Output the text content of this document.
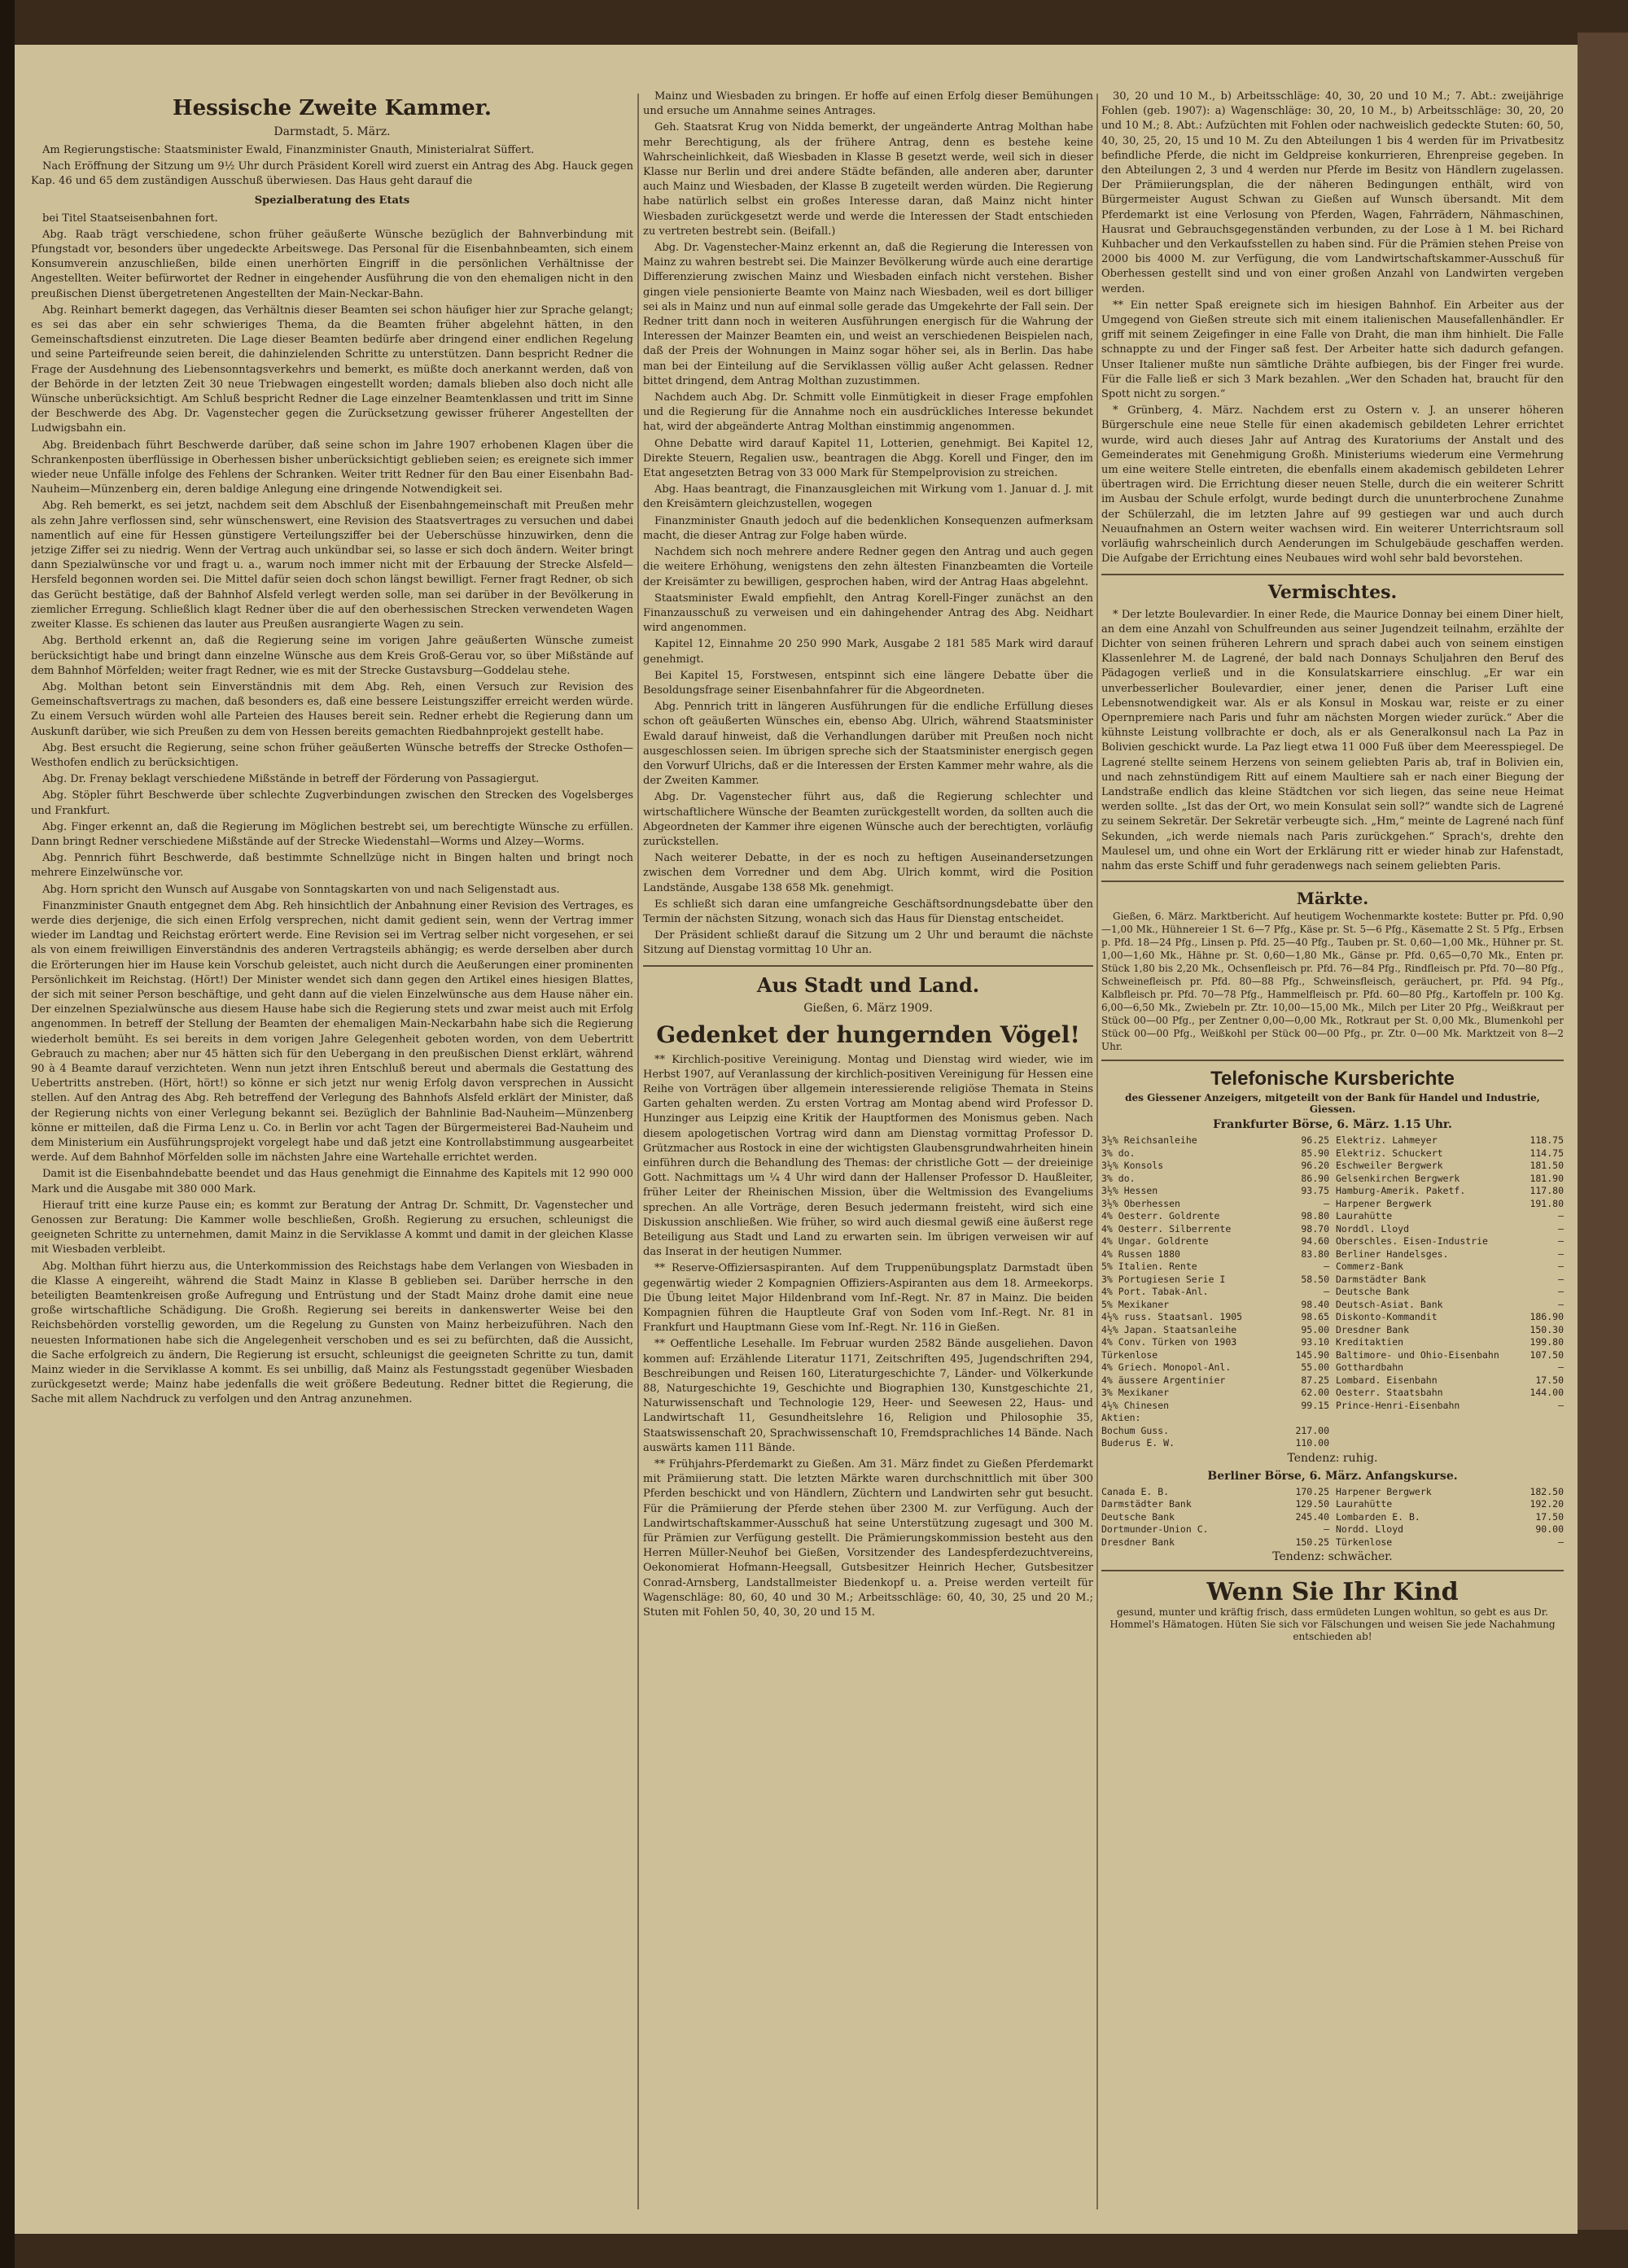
Hessische Zweite Kammer.
Darmstadt, 5. März.

Am Regierungstische: Staatsminister Ewald, Finanzminister Gnauth, Ministerialrat Süffert.

Nach Eröffnung der Sitzung um 9½ Uhr durch Präsident Korell wird zuerst ein Antrag des Abg. Hauck gegen Kap. 46 und 65 dem zuständigen Ausschuß überwiesen. Das Haus geht darauf die

Spezialberatung des Etats

bei Titel Staatseisenbahnen fort.

Abg. Raab trägt verschiedene, schon früher geäußerte Wünsche bezüglich der Bahnverbindung mit Pfungstadt vor, besonders über ungedeckte Arbeitswege. Das Personal für die Eisenbahnbeamten, sich einem Konsumverein anzuschließen, bilde einen unerhörten Eingriff in die persönlichen Verhältnisse der Angestellten. Weiter befürwortet der Redner in eingehender Ausführung die von den ehemaligen nicht in den preußischen Dienst übergetretenen Angestellten der Main-Neckar-Bahn.

Abg. Reinhart bemerkt dagegen, das Verhältnis dieser Beamten sei schon häufiger hier zur Sprache gelangt; es sei das aber ein sehr schwieriges Thema, da die Beamten früher abgelehnt hätten, in den Gemeinschaftsdienst einzutreten. Die Lage dieser Beamten bedürfe aber dringend einer endlichen Regelung und seine Parteifreunde seien bereit, die dahinzielenden Schritte zu unterstützen. Dann bespricht Redner die Frage der Ausdehnung des Liebensonntagsverkehrs und bemerkt, es müßte doch anerkannt werden, daß von der Behörde in der letzten Zeit 30 neue Triebwagen eingestellt worden; damals blieben also doch nicht alle Wünsche unberücksichtigt. Am Schluß bespricht Redner die Lage einzelner Beamtenklassen und tritt im Sinne der Beschwerde des Abg. Dr. Vagenstecher gegen die Zurücksetzung gewisser früherer Angestellten der Ludwigsbahn ein.

Abg. Breidenbach führt Beschwerde darüber, daß seine schon im Jahre 1907 erhobenen Klagen über die Schrankenposten überflüssige in Oberhessen bisher unberücksichtigt geblieben seien; es ereignete sich immer wieder neue Unfälle infolge des Fehlens der Schranken. Weiter tritt Redner für den Bau einer Eisenbahn Bad-Nauheim—Münzenberg ein, deren baldige Anlegung eine dringende Notwendigkeit sei.

Abg. Reh bemerkt, es sei jetzt, nachdem seit dem Abschluß der Eisenbahngemeinschaft mit Preußen mehr als zehn Jahre verflossen sind, sehr wünschenswert, eine Revision des Staatsvertrages zu versuchen und dabei namentlich auf eine für Hessen günstigere Verteilungsziffer bei der Ueberschüsse hinzuwirken, denn die jetzige Ziffer sei zu niedrig. Wenn der Vertrag auch unkündbar sei, so lasse er sich doch ändern. Weiter bringt dann Spezialwünsche vor und fragt u. a., warum noch immer nicht mit der Erbauung der Strecke Alsfeld—Hersfeld begonnen worden sei. Die Mittel dafür seien doch schon längst bewilligt. Ferner fragt Redner, ob sich das Gerücht bestätige, daß der Bahnhof Alsfeld verlegt werden solle, man sei darüber in der Bevölkerung in ziemlicher Erregung. Schließlich klagt Redner über die auf den oberhessischen Strecken verwendeten Wagen zweiter Klasse. Es schienen das lauter aus Preußen ausrangierte Wagen zu sein.

Abg. Berthold erkennt an, daß die Regierung seine im vorigen Jahre geäußerten Wünsche zumeist berücksichtigt habe und bringt dann einzelne Wünsche aus dem Kreis Groß-Gerau vor, so über Mißstände auf dem Bahnhof Mörfelden; weiter fragt Redner, wie es mit der Strecke Gustavsburg—Goddelau stehe.

Abg. Molthan betont sein Einverständnis mit dem Abg. Reh, einen Versuch zur Revision des Gemeinschaftsvertrags zu machen, daß besonders es, daß eine bessere Leistungsziffer erreicht werden würde. Zu einem Versuch würden wohl alle Parteien des Hauses bereit sein. Redner erhebt die Regierung dann um Auskunft darüber, wie sich Preußen zu dem von Hessen bereits gemachten Riedbahnprojekt gestellt habe.

Abg. Best ersucht die Regierung, seine schon früher geäußerten Wünsche betreffs der Strecke Osthofen—Westhofen endlich zu berücksichtigen.

Abg. Dr. Frenay beklagt verschiedene Mißstände in betreff der Förderung von Passagiergut.

Abg. Stöpler führt Beschwerde über schlechte Zugverbindungen zwischen den Strecken des Vogelsberges und Frankfurt.

Abg. Finger erkennt an, daß die Regierung im Möglichen bestrebt sei, um berechtigte Wünsche zu erfüllen. Dann bringt Redner verschiedene Mißstände auf der Strecke Wiedenstahl—Worms und Alzey—Worms.

Abg. Pennrich führt Beschwerde, daß bestimmte Schnellzüge nicht in Bingen halten und bringt noch mehrere Einzelwünsche vor.

Abg. Horn spricht den Wunsch auf Ausgabe von Sonntagskarten von und nach Seligenstadt aus.

Finanzminister Gnauth entgegnet dem Abg. Reh hinsichtlich der Anbahnung einer Revision des Vertrages, es werde dies derjenige, die sich einen Erfolg versprechen, nicht damit gedient sein, wenn der Vertrag immer wieder im Landtag und Reichstag erörtert werde. Eine Revision sei im Vertrag selber nicht vorgesehen, er sei als von einem freiwilligen Einverständnis des anderen Vertragsteils abhängig; es werde derselben aber durch die Erörterungen hier im Hause kein Vorschub geleistet, auch nicht durch die Aeußerungen einer prominenten Persönlichkeit im Reichstag. (Hört!) Der Minister wendet sich dann gegen den Artikel eines hiesigen Blattes, der sich mit seiner Person beschäftige, und geht dann auf die vielen Einzelwünsche aus dem Hause näher ein. Der einzelnen Spezialwünsche aus diesem Hause habe sich die Regierung stets und zwar meist auch mit Erfolg angenommen. In betreff der Stellung der Beamten der ehemaligen Main-Neckarbahn habe sich die Regierung wiederholt bemüht. Es sei bereits in dem vorigen Jahre Gelegenheit geboten worden, von dem Uebertritt Gebrauch zu machen; aber nur 45 hätten sich für den Uebergang in den preußischen Dienst erklärt, während 90 à 4 Beamte darauf verzichteten. Wenn nun jetzt ihren Entschluß bereut und abermals die Gestattung des Uebertritts anstreben. (Hört, hört!) so könne er sich jetzt nur wenig Erfolg davon versprechen in Aussicht stellen. Auf den Antrag des Abg. Reh betreffend der Verlegung des Bahnhofs Alsfeld erklärt der Minister, daß der Regierung nichts von einer Verlegung bekannt sei. Bezüglich der Bahnlinie Bad-Nauheim—Münzenberg könne er mitteilen, daß die Firma Lenz u. Co. in Berlin vor acht Tagen der Bürgermeisterei Bad-Nauheim und dem Ministerium ein Ausführungsprojekt vorgelegt habe und daß jetzt eine Kontrollabstimmung ausgearbeitet werde. Auf dem Bahnhof Mörfelden solle im nächsten Jahre eine Wartehalle errichtet werden.

Damit ist die Eisenbahndebatte beendet und das Haus genehmigt die Einnahme des Kapitels mit 12 990 000 Mark und die Ausgabe mit 380 000 Mark.

Hierauf tritt eine kurze Pause ein; es kommt zur Beratung der Antrag Dr. Schmitt, Dr. Vagenstecher und Genossen zur Beratung: Die Kammer wolle beschließen, Großh. Regierung zu ersuchen, schleunigst die geeigneten Schritte zu unternehmen, damit Mainz in die Serviklasse A kommt und damit in der gleichen Klasse mit Wiesbaden verbleibt.

Abg. Molthan führt hierzu aus, die Unterkommission des Reichstags habe dem Verlangen von Wiesbaden in die Klasse A eingereiht, während die Stadt Mainz in Klasse B geblieben sei. Darüber herrsche in den beteiligten Beamtenkreisen große Aufregung und Entrüstung und der Stadt Mainz drohe damit eine neue große wirtschaftliche Schädigung. Die Großh. Regierung sei bereits in dankenswerter Weise bei den Reichsbehörden vorstellig geworden, um die Regelung zu Gunsten von Mainz herbeizuführen. Nach den neuesten Informationen habe sich die Angelegenheit verschoben und es sei zu befürchten, daß die Aussicht, die Sache erfolgreich zu ändern, Die Regierung ist ersucht, schleunigst die geeigneten Schritte zu tun, damit Mainz wieder in die Serviklasse A kommt. Es sei unbillig, daß Mainz als Festungsstadt gegenüber Wiesbaden zurückgesetzt werde; Mainz habe jedenfalls die weit größere Bedeutung. Redner bittet die Regierung, die Sache mit allem Nachdruck zu verfolgen und den Antrag anzunehmen.

Mainz und Wiesbaden zu bringen. Er hoffe auf einen Erfolg dieser Bemühungen und ersuche um Annahme seines Antrages.

Geh. Staatsrat Krug von Nidda bemerkt, der ungeänderte Antrag Molthan habe mehr Berechtigung, als der frühere Antrag, denn es bestehe keine Wahrscheinlichkeit, daß Wiesbaden in Klasse B gesetzt werde, weil sich in dieser Klasse nur Berlin und drei andere Städte befänden, alle anderen aber, darunter auch Mainz und Wiesbaden, der Klasse B zugeteilt werden würden. Die Regierung habe natürlich selbst ein großes Interesse daran, daß Mainz nicht hinter Wiesbaden zurückgesetzt werde und werde die Interessen der Stadt entschieden zu vertreten bestrebt sein. (Beifall.)

Abg. Dr. Vagenstecher-Mainz erkennt an, daß die Regierung die Interessen von Mainz zu wahren bestrebt sei. Die Mainzer Bevölkerung würde auch eine derartige Differenzierung zwischen Mainz und Wiesbaden einfach nicht verstehen. Bisher gingen viele pensionierte Beamte von Mainz nach Wiesbaden, weil es dort billiger sei als in Mainz und nun auf einmal solle gerade das Umgekehrte der Fall sein. Der Redner tritt dann noch in weiteren Ausführungen energisch für die Wahrung der Interessen der Mainzer Beamten ein, und weist an verschiedenen Beispielen nach, daß der Preis der Wohnungen in Mainz sogar höher sei, als in Berlin. Das habe man bei der Einteilung auf die Serviklassen völlig außer Acht gelassen. Redner bittet dringend, dem Antrag Molthan zuzustimmen.

Nachdem auch Abg. Dr. Schmitt volle Einmütigkeit in dieser Frage empfohlen und die Regierung für die Annahme noch ein ausdrückliches Interesse bekundet hat, wird der abgeänderte Antrag Molthan einstimmig angenommen.

Ohne Debatte wird darauf Kapitel 11, Lotterien, genehmigt. Bei Kapitel 12, Direkte Steuern, Regalien usw., beantragen die Abgg. Korell und Finger, den im Etat angesetzten Betrag von 33 000 Mark für Stempelprovision zu streichen.

Abg. Haas beantragt, die Finanzausgleichen mit Wirkung vom 1. Januar d. J. mit den Kreisämtern gleichzustellen, wogegen

Finanzminister Gnauth jedoch auf die bedenklichen Konsequenzen aufmerksam macht, die dieser Antrag zur Folge haben würde.

Nachdem sich noch mehrere andere Redner gegen den Antrag und auch gegen die weitere Erhöhung, wenigstens den zehn ältesten Finanzbeamten die Vorteile der Kreisämter zu bewilligen, gesprochen haben, wird der Antrag Haas abgelehnt.

Staatsminister Ewald empfiehlt, den Antrag Korell-Finger zunächst an den Finanzausschuß zu verweisen und ein dahingehender Antrag des Abg. Neidhart wird angenommen.

Kapitel 12, Einnahme 20 250 990 Mark, Ausgabe 2 181 585 Mark wird darauf genehmigt.

Bei Kapitel 15, Forstwesen, entspinnt sich eine längere Debatte über die Besoldungsfrage seiner Eisenbahnfahrer für die Abgeordneten.

Abg. Pennrich tritt in längeren Ausführungen für die endliche Erfüllung dieses schon oft geäußerten Wünsches ein, ebenso Abg. Ulrich, während Staatsminister Ewald darauf hinweist, daß die Verhandlungen darüber mit Preußen noch nicht ausgeschlossen seien. Im übrigen spreche sich der Staatsminister energisch gegen den Vorwurf Ulrichs, daß er die Interessen der Ersten Kammer mehr wahre, als die der Zweiten Kammer.

Abg. Dr. Vagenstecher führt aus, daß die Regierung schlechter und wirtschaftlichere Wünsche der Beamten zurückgestellt worden, da sollten auch die Abgeordneten der Kammer ihre eigenen Wünsche auch der berechtigten, vorläufig zurückstellen.

Nach weiterer Debatte, in der es noch zu heftigen Auseinandersetzungen zwischen dem Vorredner und dem Abg. Ulrich kommt, wird die Position Landstände, Ausgabe 138 658 Mk. genehmigt.

Es schließt sich daran eine umfangreiche Geschäftsordnungsdebatte über den Termin der nächsten Sitzung, wonach sich das Haus für Dienstag entscheidet.

Der Präsident schließt darauf die Sitzung um 2 Uhr und beraumt die nächste Sitzung auf Dienstag vormittag 10 Uhr an.

Aus Stadt und Land.
Gießen, 6. März 1909.
Gedenket der hungernden Vögel!

** Kirchlich-positive Vereinigung. Montag und Dienstag wird wieder, wie im Herbst 1907, auf Veranlassung der kirchlich-positiven Vereinigung für Hessen eine Reihe von Vorträgen über allgemein interessierende religiöse Themata in Steins Garten gehalten werden. Zu ersten Vortrag am Montag abend wird Professor D. Hunzinger aus Leipzig eine Kritik der Hauptformen des Monismus geben. Nach diesem apologetischen Vortrag wird dann am Dienstag vormittag Professor D. Grützmacher aus Rostock in eine der wichtigsten Glaubensgrundwahrheiten hinein einführen durch die Behandlung des Themas: der christliche Gott — der dreieinige Gott. Nachmittags um ¼ 4 Uhr wird dann der Hallenser Professor D. Haußleiter, früher Leiter der Rheinischen Mission, über die Weltmission des Evangeliums sprechen. An alle Vorträge, deren Besuch jedermann freisteht, wird sich eine Diskussion anschließen. Wie früher, so wird auch diesmal gewiß eine äußerst rege Beteiligung aus Stadt und Land zu erwarten sein. Im übrigen verweisen wir auf das Inserat in der heutigen Nummer.

** Reserve-Offiziersaspiranten. Auf dem Truppenübungsplatz Darmstadt üben gegenwärtig wieder 2 Kompagnien Offiziers-Aspiranten aus dem 18. Armeekorps. Die Übung leitet Major Hildenbrand vom Inf.-Regt. Nr. 87 in Mainz. Die beiden Kompagnien führen die Hauptleute Graf von Soden vom Inf.-Regt. Nr. 81 in Frankfurt und Hauptmann Giese vom Inf.-Regt. Nr. 116 in Gießen.

** Oeffentliche Lesehalle. Im Februar wurden 2582 Bände ausgeliehen. Davon kommen auf: Erzählende Literatur 1171, Zeitschriften 495, Jugendschriften 294, Beschreibungen und Reisen 160, Literaturgeschichte 7, Länder- und Völkerkunde 88, Naturgeschichte 19, Geschichte und Biographien 130, Kunstgeschichte 21, Naturwissenschaft und Technologie 129, Heer- und Seewesen 22, Haus- und Landwirtschaft 11, Gesundheitslehre 16, Religion und Philosophie 35, Staatswissenschaft 20, Sprachwissenschaft 10, Fremdsprachliches 14 Bände. Nach auswärts kamen 111 Bände.

** Frühjahrs-Pferdemarkt zu Gießen. Am 31. März findet zu Gießen Pferdemarkt mit Prämiierung statt. Die letzten Märkte waren durchschnittlich mit über 300 Pferden beschickt und von Händlern, Züchtern und Landwirten sehr gut besucht. Für die Prämiierung der Pferde stehen über 2300 M. zur Verfügung. Auch der Landwirtschaftskammer-Ausschuß hat seine Unterstützung zugesagt und 300 M. für Prämien zur Verfügung gestellt. Die Prämierungskommission besteht aus den Herren Müller-Neuhof bei Gießen, Vorsitzender des Landespferdezuchtvereins, Oekonomierat Hofmann-Heegsall, Gutsbesitzer Heinrich Hecher, Gutsbesitzer Conrad-Arnsberg, Landstallmeister Biedenkopf u. a. Preise werden verteilt für Wagenschläge: 80, 60, 40 und 30 M.; Arbeitsschläge: 60, 40, 30, 25 und 20 M.; Stuten mit Fohlen 50, 40, 30, 20 und 15 M.

30, 20 und 10 M., b) Arbeitsschläge: 40, 30, 20 und 10 M.; 7. Abt.: zweijährige Fohlen (geb. 1907): a) Wagenschläge: 30, 20, 10 M., b) Arbeitsschläge: 30, 20, 20 und 10 M.; 8. Abt.: Aufzüchten mit Fohlen oder nachweislich gedeckte Stuten: 60, 50, 40, 30, 25, 20, 15 und 10 M. Zu den Abteilungen 1 bis 4 werden für im Privatbesitz befindliche Pferde, die nicht im Geldpreise konkurrieren, Ehrenpreise gegeben. In den Abteilungen 2, 3 und 4 werden nur Pferde im Besitz von Händlern zugelassen. Der Prämiierungsplan, die der näheren Bedingungen enthält, wird von Bürgermeister August Schwan zu Gießen auf Wunsch übersandt. Mit dem Pferdemarkt ist eine Verlosung von Pferden, Wagen, Fahrrädern, Nähmaschinen, Hausrat und Gebrauchsgegenständen verbunden, zu der Lose à 1 M. bei Richard Kuhbacher und den Verkaufsstellen zu haben sind. Für die Prämien stehen Preise von 2000 bis 4000 M. zur Verfügung, die vom Landwirtschaftskammer-Ausschuß für Oberhessen gestellt sind und von einer großen Anzahl von Landwirten vergeben werden.

** Ein netter Spaß ereignete sich im hiesigen Bahnhof. Ein Arbeiter aus der Umgegend von Gießen streute sich mit einem italienischen Mausefallenhändler. Er griff mit seinem Zeigefinger in eine Falle von Draht, die man ihm hinhielt. Die Falle schnappte zu und der Finger saß fest. Der Arbeiter hatte sich dadurch gefangen. Unser Italiener mußte nun sämtliche Drähte aufbiegen, bis der Finger frei wurde. Für die Falle ließ er sich 3 Mark bezahlen. „Wer den Schaden hat, braucht für den Spott nicht zu sorgen.“

* Grünberg, 4. März. Nachdem erst zu Ostern v. J. an unserer höheren Bürgerschule eine neue Stelle für einen akademisch gebildeten Lehrer errichtet wurde, wird auch dieses Jahr auf Antrag des Kuratoriums der Anstalt und des Gemeinderates mit Genehmigung Großh. Ministeriums wiederum eine Vermehrung um eine weitere Stelle eintreten, die ebenfalls einem akademisch gebildeten Lehrer übertragen wird. Die Errichtung dieser neuen Stelle, durch die ein weiterer Schritt im Ausbau der Schule erfolgt, wurde bedingt durch die ununterbrochene Zunahme der Schülerzahl, die im letzten Jahre auf 99 gestiegen war und auch durch Neuaufnahmen an Ostern weiter wachsen wird. Ein weiterer Unterrichtsraum soll vorläufig wahrscheinlich durch Aenderungen im Schulgebäude geschaffen werden. Die Aufgabe der Errichtung eines Neubaues wird wohl sehr bald bevorstehen.

Vermischtes.

* Der letzte Boulevardier. In einer Rede, die Maurice Donnay bei einem Diner hielt, an dem eine Anzahl von Schulfreunden aus seiner Jugendzeit teilnahm, erzählte der Dichter von seinen früheren Lehrern und sprach dabei auch von seinem einstigen Klassenlehrer M. de Lagrené, der bald nach Donnays Schuljahren den Beruf des Pädagogen verließ und in die Konsulatskarriere einschlug. „Er war ein unverbesserlicher Boulevardier, einer jener, denen die Pariser Luft eine Lebensnotwendigkeit war. Als er als Konsul in Moskau war, reiste er zu einer Opernpremiere nach Paris und fuhr am nächsten Morgen wieder zurück.“ Aber die kühnste Leistung vollbrachte er doch, als er als Generalkonsul nach La Paz in Bolivien geschickt wurde. La Paz liegt etwa 11 000 Fuß über dem Meeresspiegel. De Lagrené stellte seinem Herzens von seinem geliebten Paris ab, traf in Bolivien ein, und nach zehnstündigem Ritt auf einem Maultiere sah er nach einer Biegung der Landstraße endlich das kleine Städtchen vor sich liegen, das seine neue Heimat werden sollte. „Ist das der Ort, wo mein Konsulat sein soll?“ wandte sich de Lagrené zu seinem Sekretär. Der Sekretär verbeugte sich. „Hm,“ meinte de Lagrené nach fünf Sekunden, „ich werde niemals nach Paris zurückgehen.“ Sprach's, drehte den Maulesel um, und ohne ein Wort der Erklärung ritt er wieder hinab zur Hafenstadt, nahm das erste Schiff und fuhr geradenwegs nach seinem geliebten Paris.

Märkte.

Gießen, 6. März. Marktbericht. Auf heutigem Wochenmarkte kostete: Butter pr. Pfd. 0,90—1,00 Mk., Hühnereier 1 St. 6—7 Pfg., Käse pr. St. 5—6 Pfg., Käsematte 2 St. 5 Pfg., Erbsen p. Pfd. 18—24 Pfg., Linsen p. Pfd. 25—40 Pfg., Tauben pr. St. 0,60—1,00 Mk., Hühner pr. St. 1,00—1,60 Mk., Hähne pr. St. 0,60—1,80 Mk., Gänse pr. Pfd. 0,65—0,70 Mk., Enten pr. Stück 1,80 bis 2,20 Mk., Ochsenfleisch pr. Pfd. 76—84 Pfg., Rindfleisch pr. Pfd. 70—80 Pfg., Schweinefleisch pr. Pfd. 80—88 Pfg., Schweinsfleisch, geräuchert, pr. Pfd. 94 Pfg., Kalbfleisch pr. Pfd. 70—78 Pfg., Hammelfleisch pr. Pfd. 60—80 Pfg., Kartoffeln pr. 100 Kg. 6,00—6,50 Mk., Zwiebeln pr. Ztr. 10,00—15,00 Mk., Milch per Liter 20 Pfg., Weißkraut per Stück 00—00 Pfg., per Zentner 0,00—0,00 Mk., Rotkraut per St. 0,00 Mk., Blumenkohl per Stück 00—00 Pfg., Weißkohl per Stück 00—00 Pfg., pr. Ztr. 0—00 Mk. Marktzeit von 8—2 Uhr.

Telefonische Kursberichte
des Giessener Anzeigers, mitgeteilt von der Bank für Handel und Industrie, Giessen.
Frankfurter Börse, 6. März. 1.15 Uhr.
3½% Reichsanleihe	96.25
3% do.	85.90
3½% Konsols	96.20
3% do.	86.90
3½% Hessen	93.75
3½% Oberhessen	—
4% Oesterr. Goldrente	98.80
4% Oesterr. Silberrente	98.70
4% Ungar. Goldrente	94.60
4% Russen 1880	83.80
5% Italien. Rente	—
3% Portugiesen Serie I	58.50
4% Port. Tabak-Anl.	—
5% Mexikaner	98.40
4½% russ. Staatsanl. 1905	98.65
4½% Japan. Staatsanleihe	95.00
4% Conv. Türken von 1903	93.10
Türkenlose	145.90
4% Griech. Monopol-Anl.	55.00
4% äussere Argentinier	87.25
3% Mexikaner	62.00
4½% Chinesen	99.15
Aktien:
Bochum Guss.	217.00
Buderus E. W.	110.00
Elektriz. Lahmeyer	118.75
Elektriz. Schuckert	114.75
Eschweiler Bergwerk	181.50
Gelsenkirchen Bergwerk	181.90
Hamburg-Amerik. Paketf.	117.80
Harpener Bergwerk	191.80
Laurahütte	—
Norddl. Lloyd	—
Oberschles. Eisen-Industrie	—
Berliner Handelsges.	—
Commerz-Bank	—
Darmstädter Bank	—
Deutsche Bank	—
Deutsch-Asiat. Bank	—
Diskonto-Kommandit	186.90
Dresdner Bank	150.30
Kreditaktien	199.80
Baltimore- und Ohio-Eisenbahn	107.50
Gotthardbahn	—
Lombard. Eisenbahn	17.50
Oesterr. Staatsbahn	144.00
Prince-Henri-Eisenbahn	—
Tendenz: ruhig.
Berliner Börse, 6. März. Anfangskurse.
Canada E. B.	170.25
Darmstädter Bank	129.50
Deutsche Bank	245.40
Dortmunder-Union C.	—
Dresdner Bank	150.25
Harpener Bergwerk	182.50
Laurahütte	192.20
Lombarden E. B.	17.50
Nordd. Lloyd	90.00
Türkenlose	—
Tendenz: schwächer.
Wenn Sie Ihr Kind
gesund, munter und kräftig frisch, dass ermüdeten Lungen wohltun, so gebt es aus Dr. Hommel's Hämatogen. Hüten Sie sich vor Fälschungen und weisen Sie jede Nachahmung entschieden ab!
